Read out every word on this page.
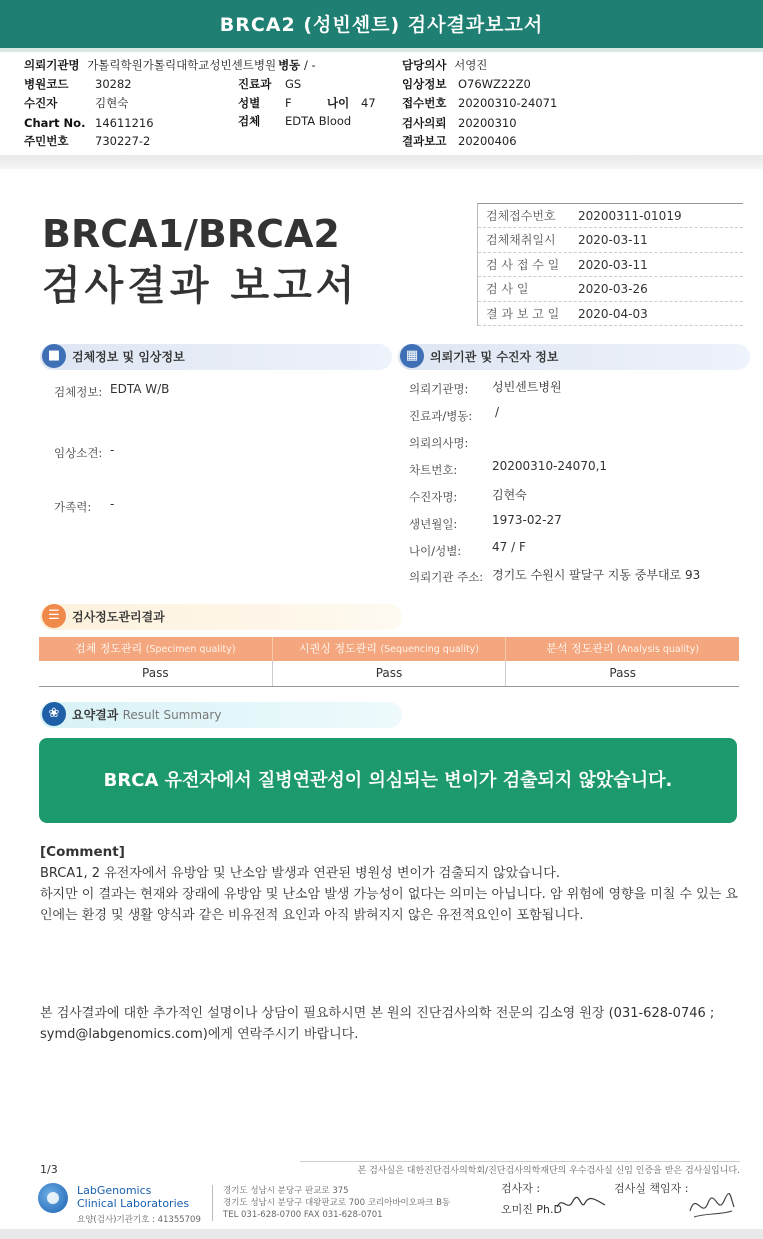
BRCA2 (성빈센트) 검사결과보고서
의뢰기관명 가톨릭학원가톨릭대학교성빈센트병원 병동 / -	담당의사 서영진
병원코드 30282	진료과 GS	임상정보 O76WZ22Z0
수진자	김현숙	성별 F	나이 47 접수번호 20200310-24071
Chart No. 14611216	검체 EDTA Blood	검사의뢰 20200310
주민번호 730227-2	결과보고 20200406
BRCA1/BRCA2
검사결과 보고서
검체접수번호	20200311-01019
검체채취일시	2020-03-11
검 사 접 수 일	2020-03-11
검 사 일	2020-03-26
결 과 보 고 일	2020-04-03
■ 검체정보 및 임상정보
검체정보: EDTA W/B
임상소견: -
가족력: -
▦ 의뢰기관 및 수진자 정보
의뢰기관명: 성빈센트병원
진료과/병동: /
의뢰의사명:
차트번호:	20200310-24070,1
수진자명:	김현숙
생년월일:	1973-02-27
나이/성별:	47 / F
의뢰기관 주소: 경기도 수원시 팔달구 지동 중부대로 93
☰	검사정도관리결과
검체 정도관리 (Specimen quality)	시퀀싱 정도관리 (Sequencing quality)	분석 정도관리 (Analysis quality)
Pass	Pass	Pass
❀	요약결과 Result Summary
BRCA 유전자에서 질병연관성이 의심되는 변이가 검출되지 않았습니다.
[Comment]
BRCA1, 2 유전자에서 유방암 및 난소암 발생과 연관된 병원성 변이가 검출되지 않았습니다.
하지만 이 결과는 현재와 장래에 유방암 및 난소암 발생 가능성이 없다는 의미는 아닙니다. 암 위험에 영향을 미칠 수 있는 요인에는 환경 및 생활 양식과 같은 비유전적 요인과 아직 밝혀지지 않은 유전적요인이 포함됩니다.
본 검사결과에 대한 추가적인 설명이나 상담이 필요하시면 본 원의 진단검사의학 전문의 김소영 원장 (031-628-0746 ; symd@labgenomics.com)에게 연락주시기 바랍니다.
1/3	본 검사실은 대한진단검사의학회/진단검사의학재단의 우수검사실 신임 인증을 받은 검사실입니다.
LabGenomics
Clinical Laboratories
요양(검사)기관기호 : 41355709
경기도 성남시 분당구 판교로 375
경기도 성남시 분당구 대왕판교로 700 코리아바이오파크 B동
TEL 031-628-0700 FAX 031-628-0701
검사자 :
오미진 Ph.D
검사실 책임자 :
